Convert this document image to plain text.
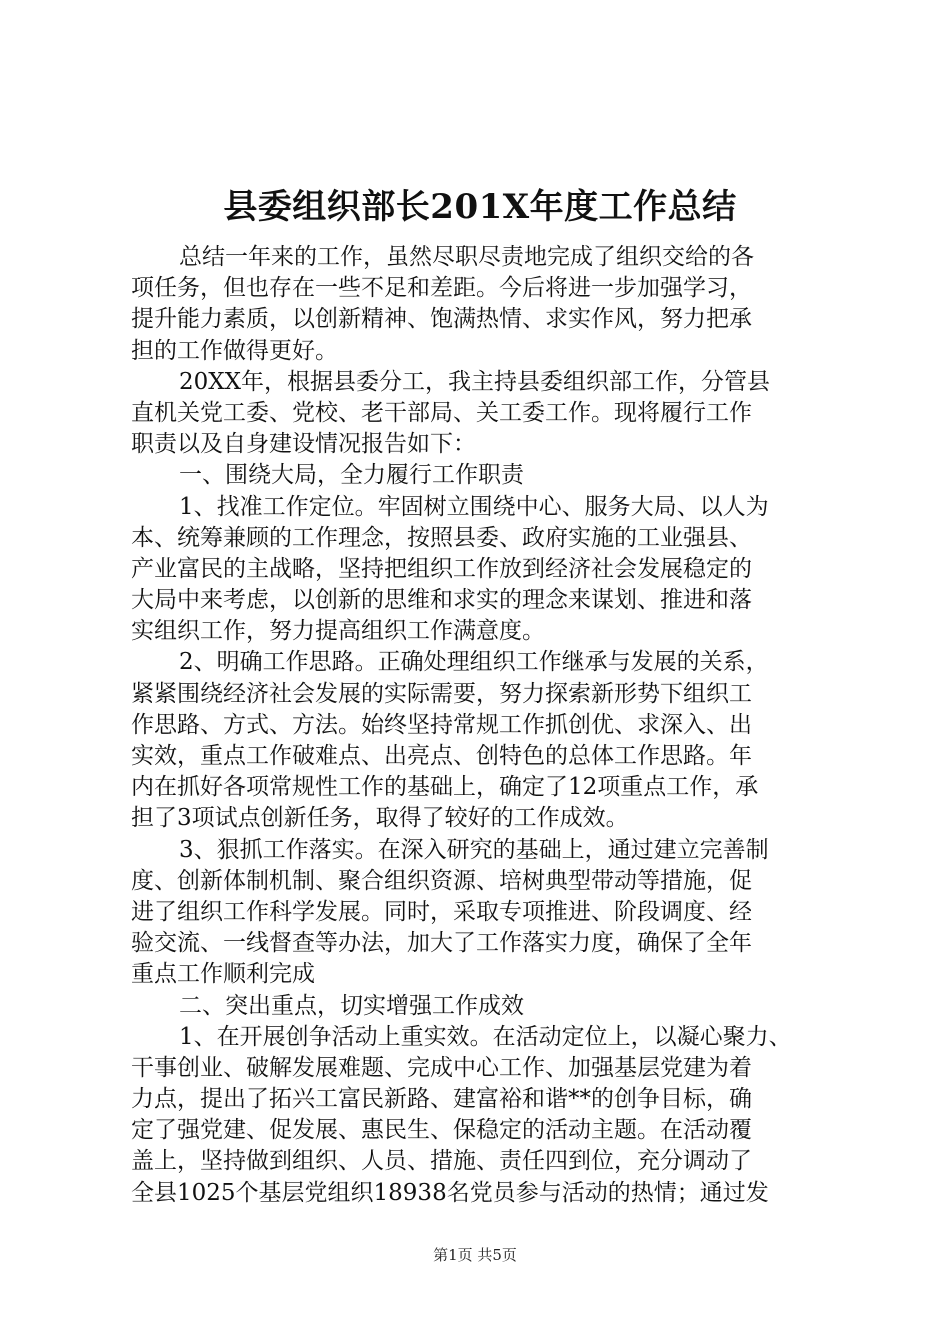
县委组织部长201X年度工作总结
总结一年来的工作，虽然尽职尽责地完成了组织交给的各
项任务，但也存在一些不足和差距。今后将进一步加强学习，
提升能力素质，以创新精神、饱满热情、求实作风，努力把承
担的工作做得更好。
20XX年，根据县委分工，我主持县委组织部工作，分管县
直机关党工委、党校、老干部局、关工委工作。现将履行工作
职责以及自身建设情况报告如下：
一、围绕大局，全力履行工作职责
1、找准工作定位。牢固树立围绕中心、服务大局、以人为
本、统筹兼顾的工作理念，按照县委、政府实施的工业强县、
产业富民的主战略，坚持把组织工作放到经济社会发展稳定的
大局中来考虑，以创新的思维和求实的理念来谋划、推进和落
实组织工作，努力提高组织工作满意度。
2、明确工作思路。正确处理组织工作继承与发展的关系，
紧紧围绕经济社会发展的实际需要，努力探索新形势下组织工
作思路、方式、方法。始终坚持常规工作抓创优、求深入、出
实效，重点工作破难点、出亮点、创特色的总体工作思路。年
内在抓好各项常规性工作的基础上，确定了12项重点工作，承
担了3项试点创新任务，取得了较好的工作成效。
3、狠抓工作落实。在深入研究的基础上，通过建立完善制
度、创新体制机制、聚合组织资源、培树典型带动等措施，促
进了组织工作科学发展。同时，采取专项推进、阶段调度、经
验交流、一线督查等办法，加大了工作落实力度，确保了全年
重点工作顺利完成
二、突出重点，切实增强工作成效
1、在开展创争活动上重实效。在活动定位上，以凝心聚力、
干事创业、破解发展难题、完成中心工作、加强基层党建为着
力点，提出了拓兴工富民新路、建富裕和谐**的创争目标，确
定了强党建、促发展、惠民生、保稳定的活动主题。在活动覆
盖上，坚持做到组织、人员、措施、责任四到位，充分调动了
全县1025个基层党组织18938名党员参与活动的热情；通过发
第1页 共5页
